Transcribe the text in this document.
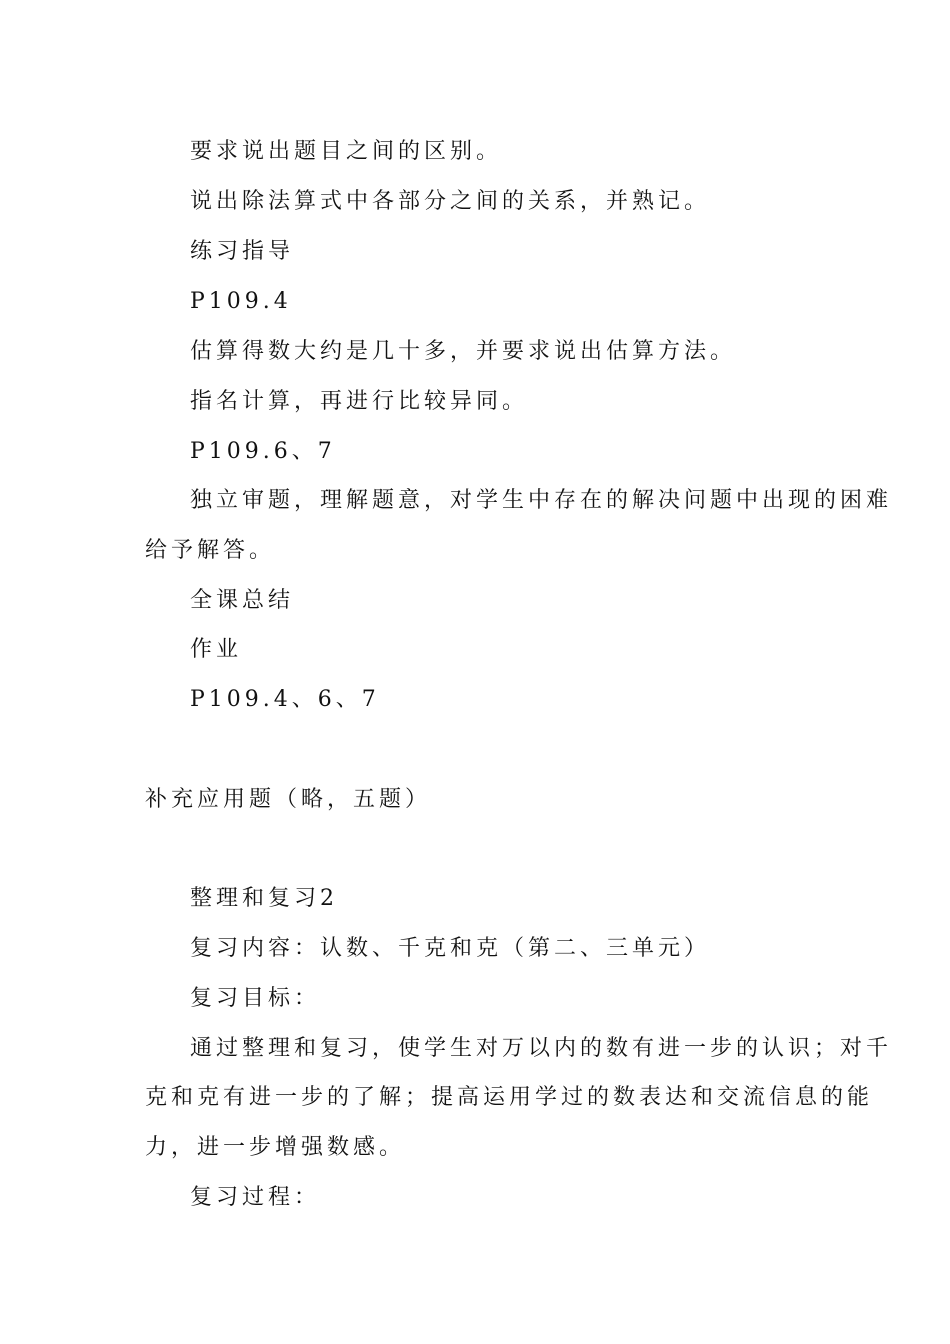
要求说出题目之间的区别。
说出除法算式中各部分之间的关系，并熟记。
练习指导
P109.4
估算得数大约是几十多，并要求说出估算方法。
指名计算，再进行比较异同。
P109.6、7
独立审题，理解题意，对学生中存在的解决问题中出现的困难
给予解答。
全课总结
作业
P109.4、6、7
补充应用题（略，五题）
整理和复习2
复习内容：认数、千克和克（第二、三单元）
复习目标：
通过整理和复习，使学生对万以内的数有进一步的认识；对千
克和克有进一步的了解；提高运用学过的数表达和交流信息的能
力，进一步增强数感。
复习过程：
